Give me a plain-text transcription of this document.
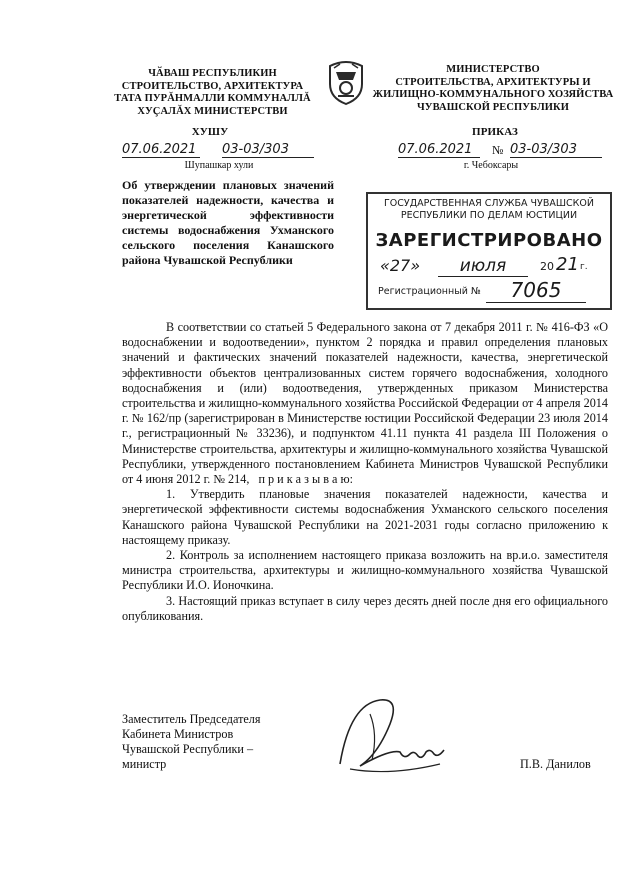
ЧӐВАШ РЕСПУБЛИКИН
СТРОИТЕЛЬСТВО, АРХИТЕКТУРА
ТАТА ПУРĂНМАЛЛИ КОММУНАЛЛĂ
ХУҪАЛĂХ МИНИСТЕРСТВИ
ХУШУ
07.06.2021 03-03/303
Шупашкар хули
МИНИСТЕРСТВО
СТРОИТЕЛЬСТВА, АРХИТЕКТУРЫ И
ЖИЛИЩНО-КОММУНАЛЬНОГО ХОЗЯЙСТВА
ЧУВАШСКОЙ РЕСПУБЛИКИ
ПРИКАЗ
07.06.2021	№ 03-03/303
г. Чебоксары
Об утверждении плановых значений показателей надежности, качества и энергетической эффективности системы водоснабжения Ухманского сельского поселения Канашского района Чувашской Республики
ГОСУДАРСТВЕННАЯ СЛУЖБА ЧУВАШСКОЙ
РЕСПУБЛИКИ ПО ДЕЛАМ ЮСТИЦИИ
ЗАРЕГИСТРИРОВАНО
«27»	июля	20 21 г.
Регистрационный №	7065

В соответствии со статьей 5 Федерального закона от 7 декабря 2011 г. № 416-ФЗ «О водоснабжении и водоотведении», пунктом 2 порядка и правил определения плановых значений и фактических значений показателей надежности, качества, энергетической эффективности объектов централизованных систем горячего водоснабжения, холодного водоснабжения и (или) водоотведения, утвержденных приказом Министерства строительства и жилищно-коммунального хозяйства Российской Федерации от 4 апреля 2014 г. № 162/пр (зарегистрирован в Министерстве юстиции Российской Федерации 23 июля 2014 г., регистрационный № 33236), и подпунктом 41.11 пункта 41 раздела III Положения о Министерстве строительства, архитектуры и жилищно-коммунального хозяйства Чувашской Республики, утвержденного постановлением Кабинета Министров Чувашской Республики от 4 июня 2012 г. № 214, п р и к а з ы в а ю:

1. Утвердить плановые значения показателей надежности, качества и энергетической эффективности системы водоснабжения Ухманского сельского поселения Канашского района Чувашской Республики на 2021-2031 годы согласно приложению к настоящему приказу.

2. Контроль за исполнением настоящего приказа возложить на вр.и.о. заместителя министра строительства, архитектуры и жилищно-коммунального хозяйства Чувашской Республики И.О. Ионочкина.

3. Настоящий приказ вступает в силу через десять дней после дня его официального опубликования.

Заместитель Председателя
Кабинета Министров
Чувашской Республики –
министр	П.В. Данилов
